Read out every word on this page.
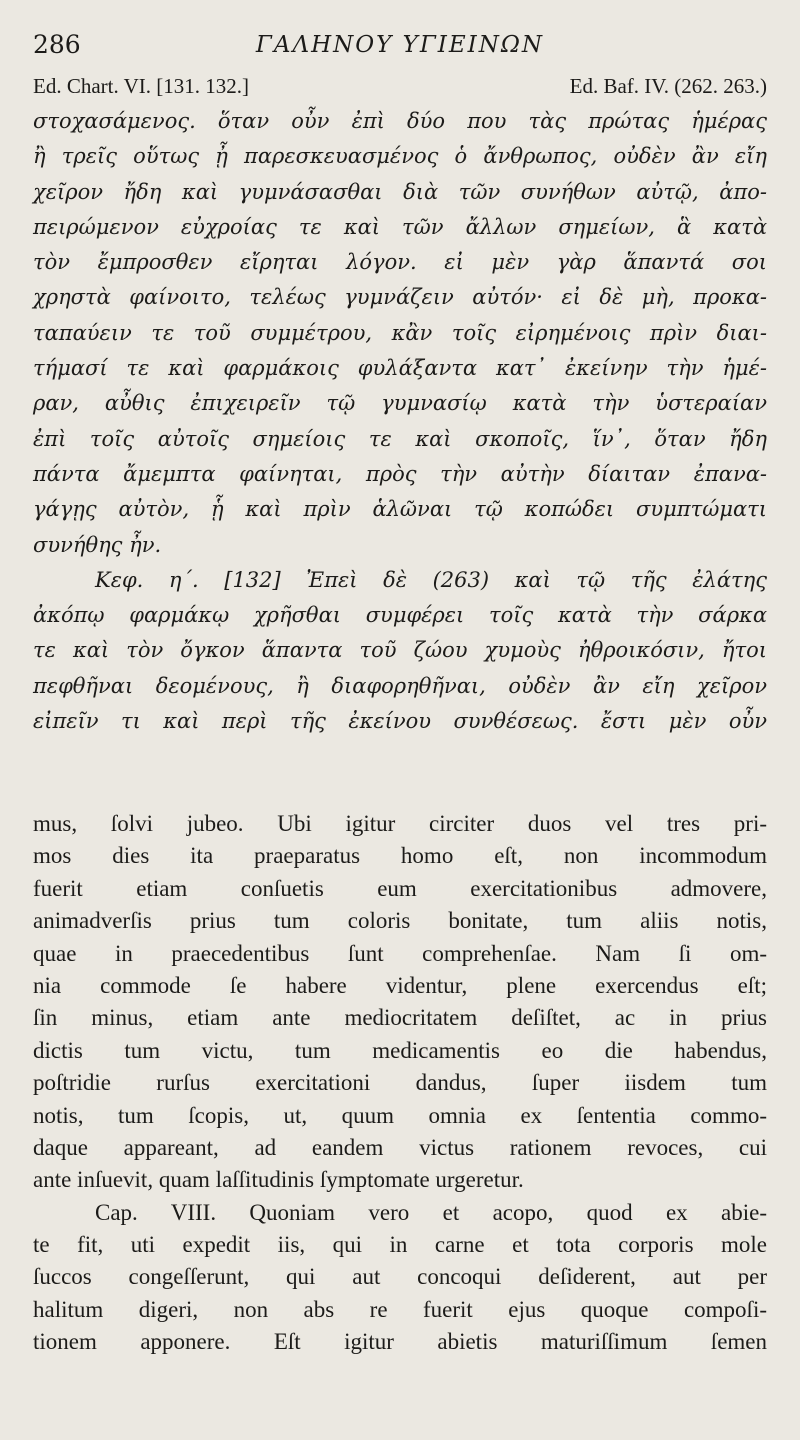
286	ΓΑΛΗΝΟΥ ΥΓΙΕΙΝΩΝ
Ed. Chart. VI. [131. 132.]	Ed. Baf. IV. (262. 263.)
στοχασάμενος. ὅταν οὖν ἐπὶ δύο που τὰς πρώτας ἡμέρας
ἢ τρεῖς οὕτως ᾖ παρεσκευασμένος ὁ ἄνθρωπος, οὐδὲν ἂν εἴη
χεῖρον ἤδη καὶ γυμνάσασθαι διὰ τῶν συνήθων αὐτῷ, ἀπο-
πειρώμενον εὐχροίας τε καὶ τῶν ἄλλων σημείων, ἃ κατὰ
τὸν ἔμπροσθεν εἴρηται λόγον. εἰ μὲν γὰρ ἅπαντά σοι
χρηστὰ φαίνοιτο, τελέως γυμνάζειν αὐτόν· εἰ δὲ μὴ, προκα-
ταπαύειν τε τοῦ συμμέτρου, κἂν τοῖς εἰρημένοις πρὶν διαι-
τήμασί τε καὶ φαρμάκοις φυλάξαντα κατ᾽ ἐκείνην τὴν ἡμέ-
ραν, αὖθις ἐπιχειρεῖν τῷ γυμνασίῳ κατὰ τὴν ὑστεραίαν
ἐπὶ τοῖς αὐτοῖς σημείοις τε καὶ σκοποῖς, ἵν᾽, ὅταν ἤδη
πάντα ἄμεμπτα φαίνηται, πρὸς τὴν αὐτὴν δίαιταν ἐπανα-
γάγῃς αὐτὸν, ᾗ καὶ πρὶν ἁλῶναι τῷ κοπώδει συμπτώματι
συνήθης ἦν.
Κεφ. η΄. [132] Ἐπεὶ δὲ (263) καὶ τῷ τῆς ἐλάτης
ἀκόπῳ φαρμάκῳ χρῆσθαι συμφέρει τοῖς κατὰ τὴν σάρκα
τε καὶ τὸν ὄγκον ἅπαντα τοῦ ζώου χυμοὺς ἠθροικόσιν, ἤτοι
πεφθῆναι δεομένους, ἢ διαφορηθῆναι, οὐδὲν ἂν εἴη χεῖρον
εἰπεῖν τι καὶ περὶ τῆς ἐκείνου συνθέσεως. ἔστι μὲν οὖν
mus, ſolvi jubeo. Ubi igitur circiter duos vel tres pri-
mos dies ita praeparatus homo eſt, non incommodum
fuerit etiam conſuetis eum exercitationibus admovere,
animadverſis prius tum coloris bonitate, tum aliis notis,
quae in praecedentibus ſunt comprehenſae. Nam ſi om-
nia commode ſe habere videntur, plene exercendus eſt;
ſin minus, etiam ante mediocritatem deſiſtet, ac in prius
dictis tum victu, tum medicamentis eo die habendus,
poſtridie rurſus exercitationi dandus, ſuper iisdem tum
notis, tum ſcopis, ut, quum omnia ex ſententia commo-
daque appareant, ad eandem victus rationem revoces, cui
ante inſuevit, quam laſſitudinis ſymptomate urgeretur.
Cap. VIII. Quoniam vero et acopo, quod ex abie-
te fit, uti expedit iis, qui in carne et tota corporis mole
ſuccos congeſſerunt, qui aut concoqui deſiderent, aut per
halitum digeri, non abs re fuerit ejus quoque compoſi-
tionem apponere. Eſt igitur abietis maturiſſimum ſemen
